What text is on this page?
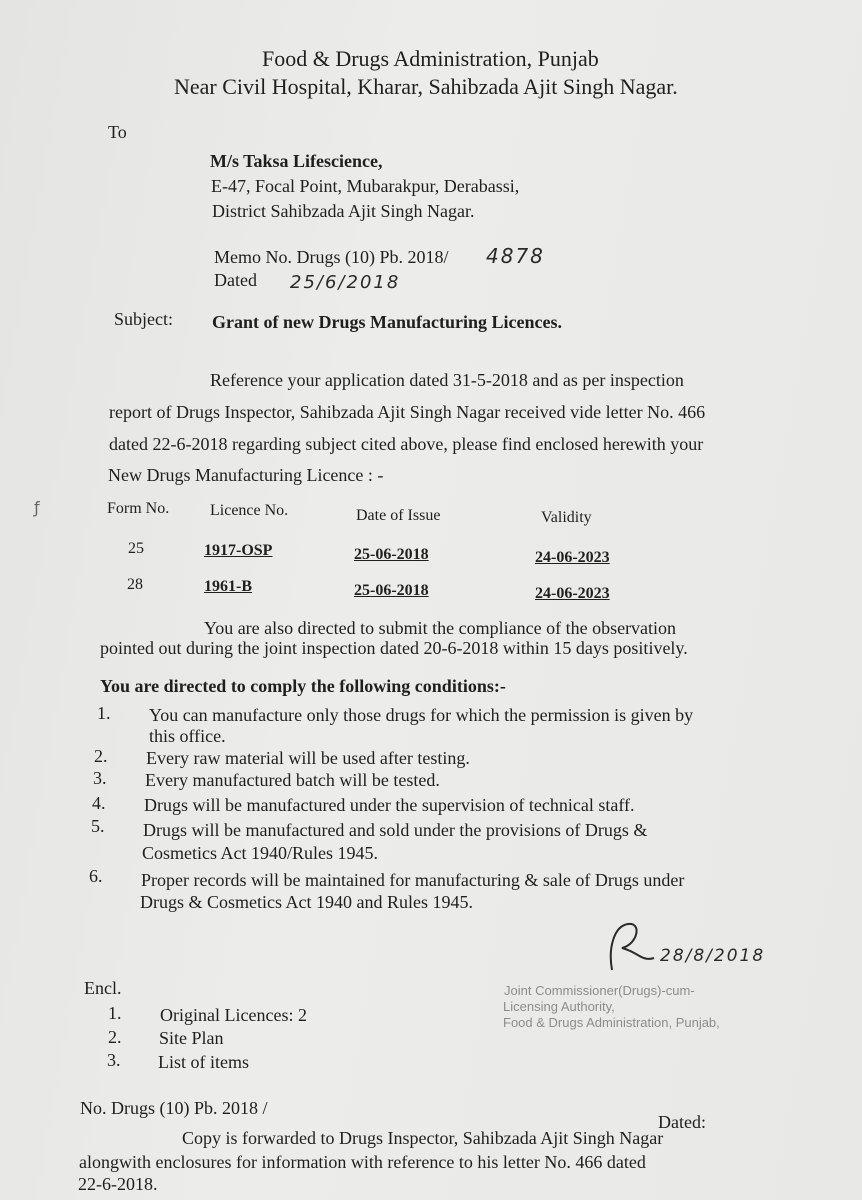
Food & Drugs Administration, Punjab
Near Civil Hospital, Kharar, Sahibzada Ajit Singh Nagar.
To
M/s Taksa Lifescience,
E-47, Focal Point, Mubarakpur, Derabassi,
District Sahibzada Ajit Singh Nagar.
Memo No. Drugs (10) Pb. 2018/ 4878
Dated 25/6/2018
Subject: Grant of new Drugs Manufacturing Licences.
Reference your application dated 31-5-2018 and as per inspection
report of Drugs Inspector, Sahibzada Ajit Singh Nagar received vide letter No. 466
dated 22-6-2018 regarding subject cited above, please find enclosed herewith your
New Drugs Manufacturing Licence : -
ƒ	Form No.	Licence No.	Date of Issue	Validity
25	1917-OSP	25-06-2018	24-06-2023
28	1961-B	25-06-2018	24-06-2023
You are also directed to submit the compliance of the observation
pointed out during the joint inspection dated 20-6-2018 within 15 days positively.
You are directed to comply the following conditions:-
1. You can manufacture only those drugs for which the permission is given by
this office.
2. Every raw material will be used after testing.
3. Every manufactured batch will be tested.
4. Drugs will be manufactured under the supervision of technical staff.
5. Drugs will be manufactured and sold under the provisions of Drugs &
Cosmetics Act 1940/Rules 1945.
6. Proper records will be maintained for manufacturing & sale of Drugs under
Drugs & Cosmetics Act 1940 and Rules 1945.
28/8/2018
Joint Commissioner(Drugs)-cum-
Licensing Authority,
Food & Drugs Administration, Punjab,
Encl.
1. Original Licences: 2
2. Site Plan
3. List of items
No. Drugs (10) Pb. 2018 /
Dated:
Copy is forwarded to Drugs Inspector, Sahibzada Ajit Singh Nagar
alongwith enclosures for information with reference to his letter No. 466 dated
22-6-2018.
